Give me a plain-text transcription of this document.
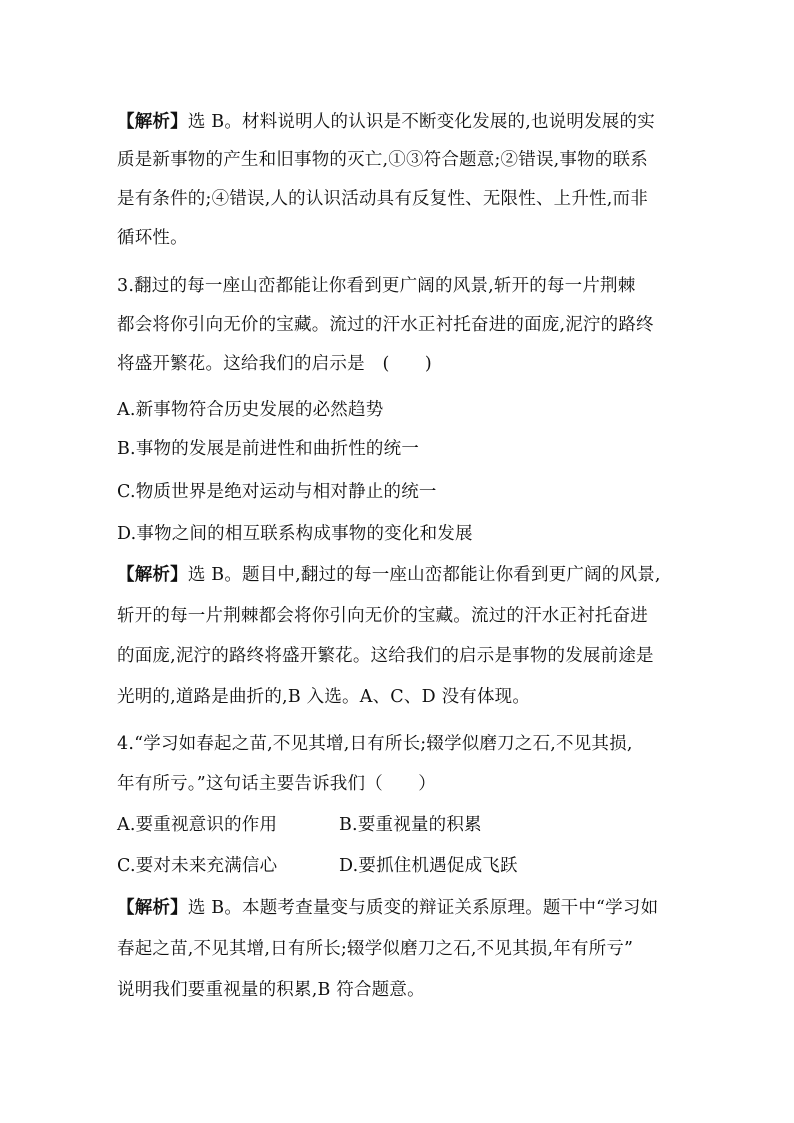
【解析】选 B。材料说明人的认识是不断变化发展的,也说明发展的实
质是新事物的产生和旧事物的灭亡,①③符合题意;②错误,事物的联系
是有条件的;④错误,人的认识活动具有反复性、无限性、上升性,而非
循环性。
3.翻过的每一座山峦都能让你看到更广阔的风景,斩开的每一片荆棘
都会将你引向无价的宝藏。流过的汗水正衬托奋进的面庞,泥泞的路终
将盛开繁花。这给我们的启示是　(　　)
A.新事物符合历史发展的必然趋势
B.事物的发展是前进性和曲折性的统一
C.物质世界是绝对运动与相对静止的统一
D.事物之间的相互联系构成事物的变化和发展
【解析】选 B。题目中,翻过的每一座山峦都能让你看到更广阔的风景,
斩开的每一片荆棘都会将你引向无价的宝藏。流过的汗水正衬托奋进
的面庞,泥泞的路终将盛开繁花。这给我们的启示是事物的发展前途是
光明的,道路是曲折的,B 入选。A、C、D 没有体现。
4.“学习如春起之苗,不见其增,日有所长;辍学似磨刀之石,不见其损,
年有所亏。”这句话主要告诉我们（　　）
A.要重视意识的作用	B.要重视量的积累
C.要对未来充满信心	D.要抓住机遇促成飞跃
【解析】选 B。本题考查量变与质变的辩证关系原理。题干中“学习如
春起之苗,不见其增,日有所长;辍学似磨刀之石,不见其损,年有所亏”
说明我们要重视量的积累,B 符合题意。
